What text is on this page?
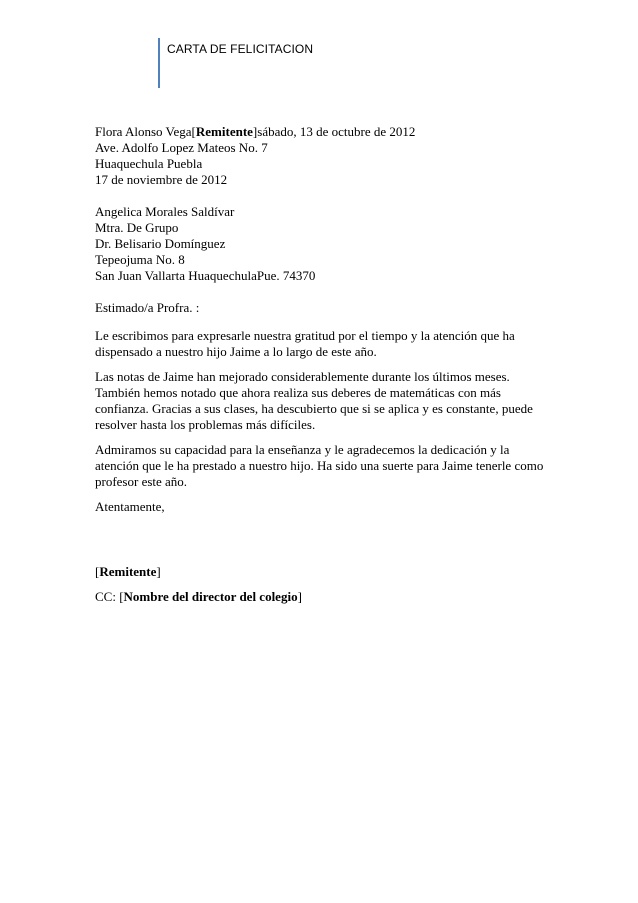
CARTA DE FELICITACION
Flora Alonso Vega[Remitente]sábado, 13 de octubre de 2012
Ave. Adolfo Lopez Mateos No. 7
Huaquechula Puebla
17 de noviembre de 2012
Angelica Morales Saldívar
Mtra. De Grupo
Dr. Belisario Domínguez
Tepeojuma No. 8
San Juan Vallarta HuaquechulaPue. 74370

Estimado/a Profra. :

Le escribimos para expresarle nuestra gratitud por el tiempo y la atención que ha dispensado a nuestro hijo Jaime a lo largo de este año.

Las notas de Jaime han mejorado considerablemente durante los últimos meses. También hemos notado que ahora realiza sus deberes de matemáticas con más confianza. Gracias a sus clases, ha descubierto que si se aplica y es constante, puede resolver hasta los problemas más difíciles.

Admiramos su capacidad para la enseñanza y le agradecemos la dedicación y la atención que le ha prestado a nuestro hijo. Ha sido una suerte para Jaime tenerle como profesor este año.

Atentamente,

[Remitente]

CC: [Nombre del director del colegio]
